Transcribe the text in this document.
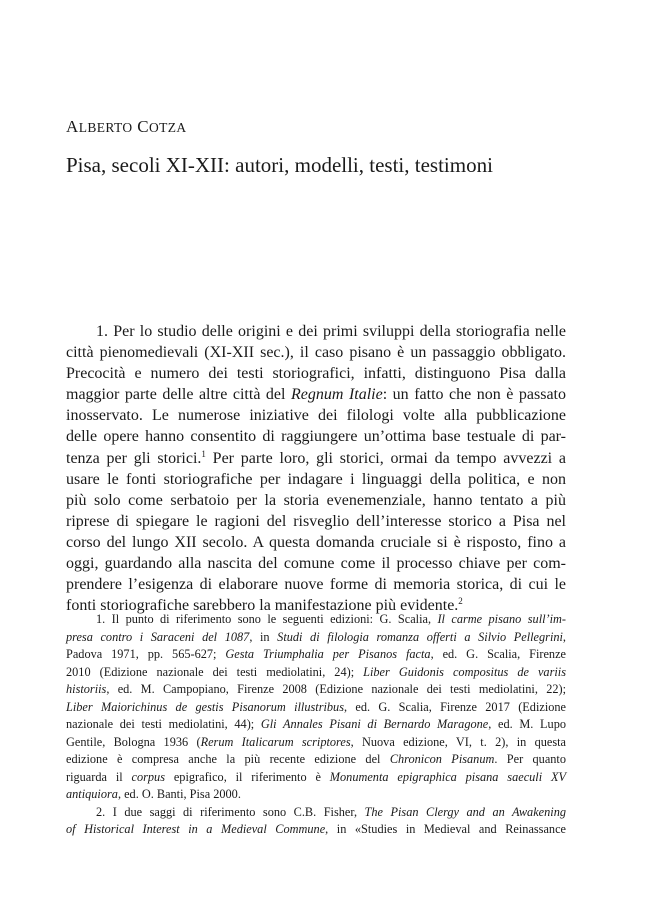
ALBERTO COTZA
Pisa, secoli XI-XII: autori, modelli, testi, testimoni
1. Per lo studio delle origini e dei primi sviluppi della storiografia nelle
città pienomedievali (XI-XII sec.), il caso pisano è un passaggio obbligato.
Precocità e numero dei testi storiografici, infatti, distinguono Pisa dalla
maggior parte delle altre città del Regnum Italie: un fatto che non è passato
inosservato. Le numerose iniziative dei filologi volte alla pubblicazione
delle opere hanno consentito di raggiungere un’ottima base testuale di par-
tenza per gli storici.$^1$ Per parte loro, gli storici, ormai da tempo avvezzi a
usare le fonti storiografiche per indagare i linguaggi della politica, e non
più solo come serbatoio per la storia evenemenziale, hanno tentato a più
riprese di spiegare le ragioni del risveglio dell’interesse storico a Pisa nel
corso del lungo XII secolo. A questa domanda cruciale si è risposto, fino a
oggi, guardando alla nascita del comune come il processo chiave per com-
prendere l’esigenza di elaborare nuove forme di memoria storica, di cui le
fonti storiografiche sarebbero la manifestazione più evidente.$^2$
1. Il punto di riferimento sono le seguenti edizioni: G. Scalia, Il carme pisano sull’im-
presa contro i Saraceni del 1087, in Studi di filologia romanza offerti a Silvio Pellegrini,
Padova 1971, pp. 565-627; Gesta Triumphalia per Pisanos facta, ed. G. Scalia, Firenze
2010 (Edizione nazionale dei testi mediolatini, 24); Liber Guidonis compositus de variis
historiis, ed. M. Campopiano, Firenze 2008 (Edizione nazionale dei testi mediolatini, 22);
Liber Maiorichinus de gestis Pisanorum illustribus, ed. G. Scalia, Firenze 2017 (Edizione
nazionale dei testi mediolatini, 44); Gli Annales Pisani di Bernardo Maragone, ed. M. Lupo
Gentile, Bologna 1936 (Rerum Italicarum scriptores, Nuova edizione, VI, t. 2), in questa
edizione è compresa anche la più recente edizione del Chronicon Pisanum. Per quanto
riguarda il corpus epigrafico, il riferimento è Monumenta epigraphica pisana saeculi XV
antiquiora, ed. O. Banti, Pisa 2000.
2. I due saggi di riferimento sono C.B. Fisher, The Pisan Clergy and an Awakening
of Historical Interest in a Medieval Commune, in «Studies in Medieval and Reinassance
